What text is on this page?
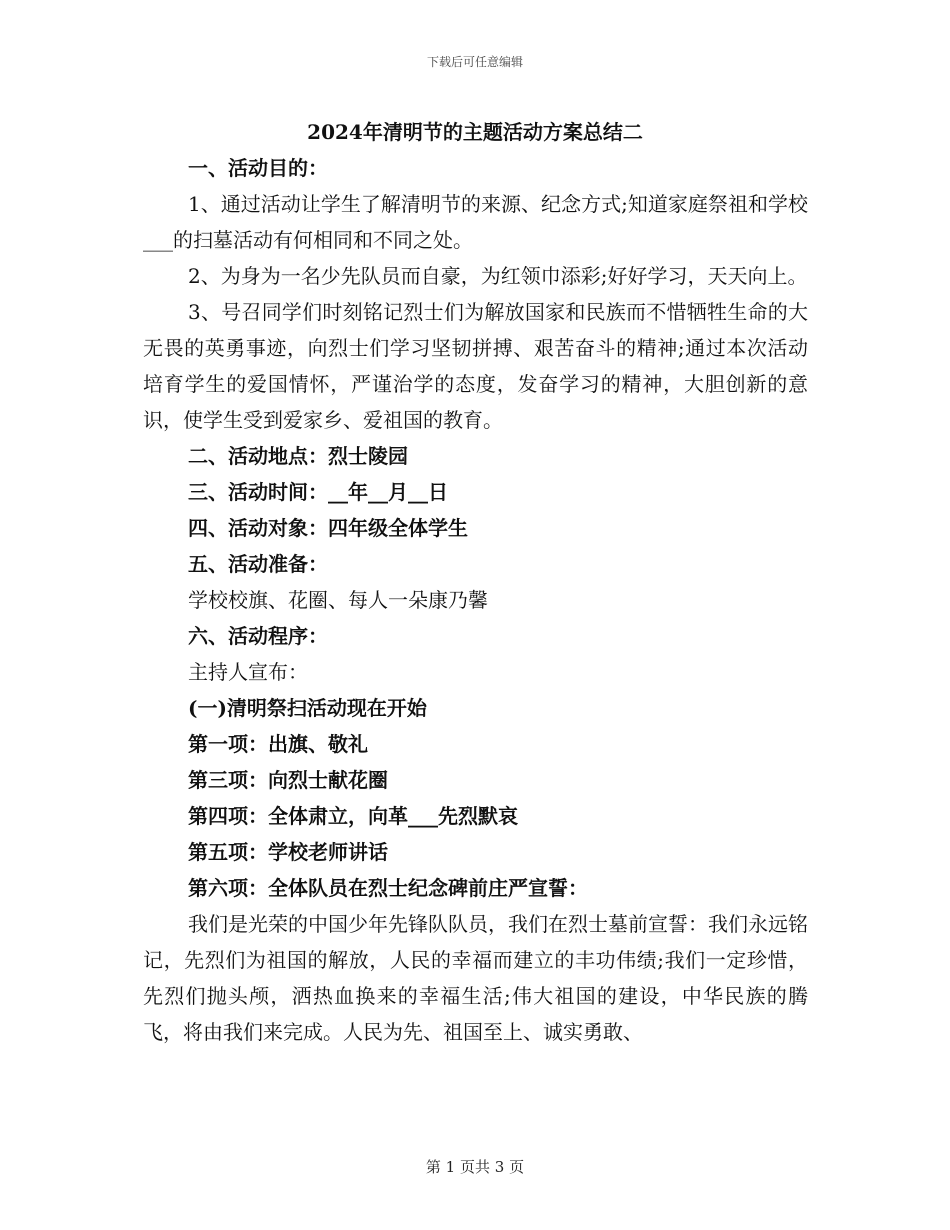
下载后可任意编辑
2024年清明节的主题活动方案总结二

一、活动目的：

1、通过活动让学生了解清明节的来源、纪念方式;知道家庭祭祖和学校___的扫墓活动有何相同和不同之处。

2、为身为一名少先队员而自豪，为红领巾添彩;好好学习，天天向上。

3、号召同学们时刻铭记烈士们为解放国家和民族而不惜牺牲生命的大无畏的英勇事迹，向烈士们学习坚韧拼搏、艰苦奋斗的精神;通过本次活动培育学生的爱国情怀，严谨治学的态度，发奋学习的精神，大胆创新的意识，使学生受到爱家乡、爱祖国的教育。

二、活动地点：烈士陵园

三、活动时间：__年__月__日

四、活动对象：四年级全体学生

五、活动准备：

学校校旗、花圈、每人一朵康乃馨

六、活动程序：

主持人宣布：

(一)清明祭扫活动现在开始

第一项：出旗、敬礼

第三项：向烈士献花圈

第四项：全体肃立，向革___先烈默哀

第五项：学校老师讲话

第六项：全体队员在烈士纪念碑前庄严宣誓：

我们是光荣的中国少年先锋队队员，我们在烈士墓前宣誓：我们永远铭记，先烈们为祖国的解放，人民的幸福而建立的丰功伟绩;我们一定珍惜，先烈们抛头颅，洒热血换来的幸福生活;伟大祖国的建设，中华民族的腾飞，将由我们来完成。人民为先、祖国至上、诚实勇敢、

第 1 页共 3 页
